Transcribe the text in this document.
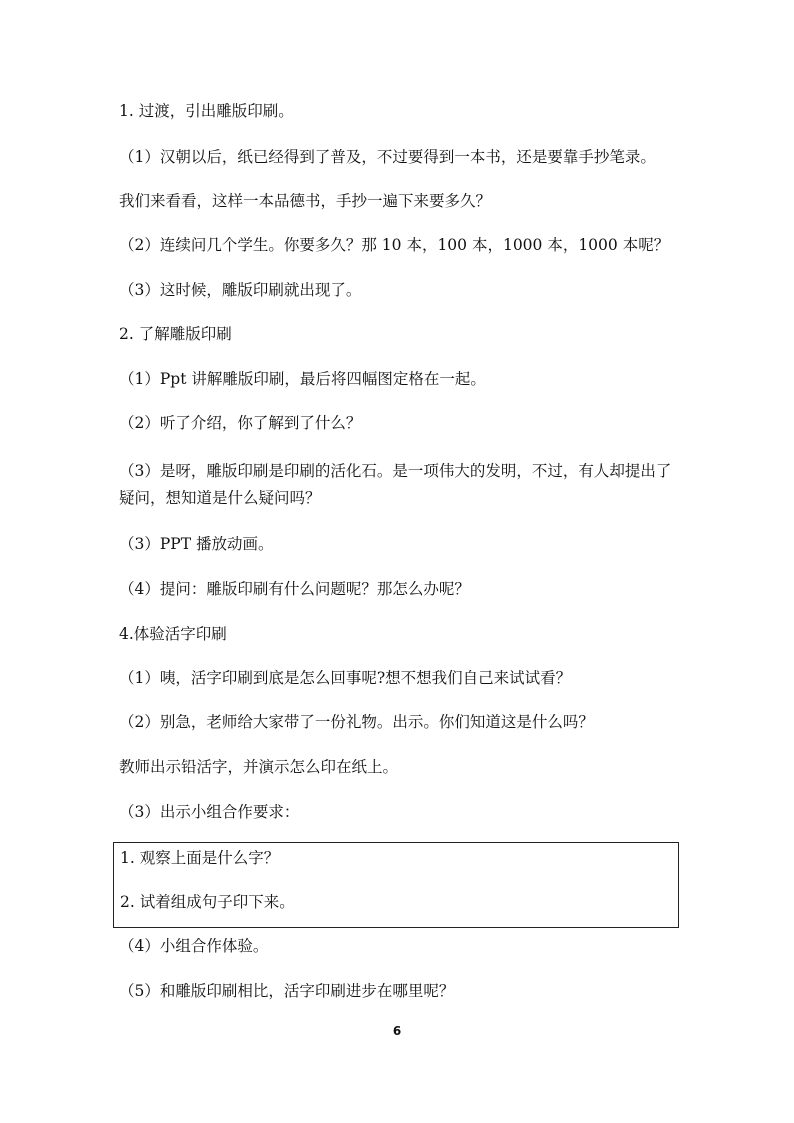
1. 过渡，引出雕版印刷。

（1）汉朝以后，纸已经得到了普及，不过要得到一本书，还是要靠手抄笔录。

我们来看看，这样一本品德书，手抄一遍下来要多久？

（2）连续问几个学生。你要多久？那 10 本，100 本，1000 本，1000 本呢？

（3）这时候，雕版印刷就出现了。

2. 了解雕版印刷

（1）Ppt 讲解雕版印刷，最后将四幅图定格在一起。

（2）听了介绍，你了解到了什么？

（3）是呀，雕版印刷是印刷的活化石。是一项伟大的发明，不过，有人却提出了疑问，想知道是什么疑问吗？

（3）PPT 播放动画。

（4）提问：雕版印刷有什么问题呢？那怎么办呢？

4.体验活字印刷

（1）咦，活字印刷到底是怎么回事呢?想不想我们自己来试试看？

（2）别急，老师给大家带了一份礼物。出示。你们知道这是什么吗？

教师出示铅活字，并演示怎么印在纸上。

（3）出示小组合作要求：

1. 观察上面是什么字？

2. 试着组成句子印下来。

（4）小组合作体验。

（5）和雕版印刷相比，活字印刷进步在哪里呢？

6
